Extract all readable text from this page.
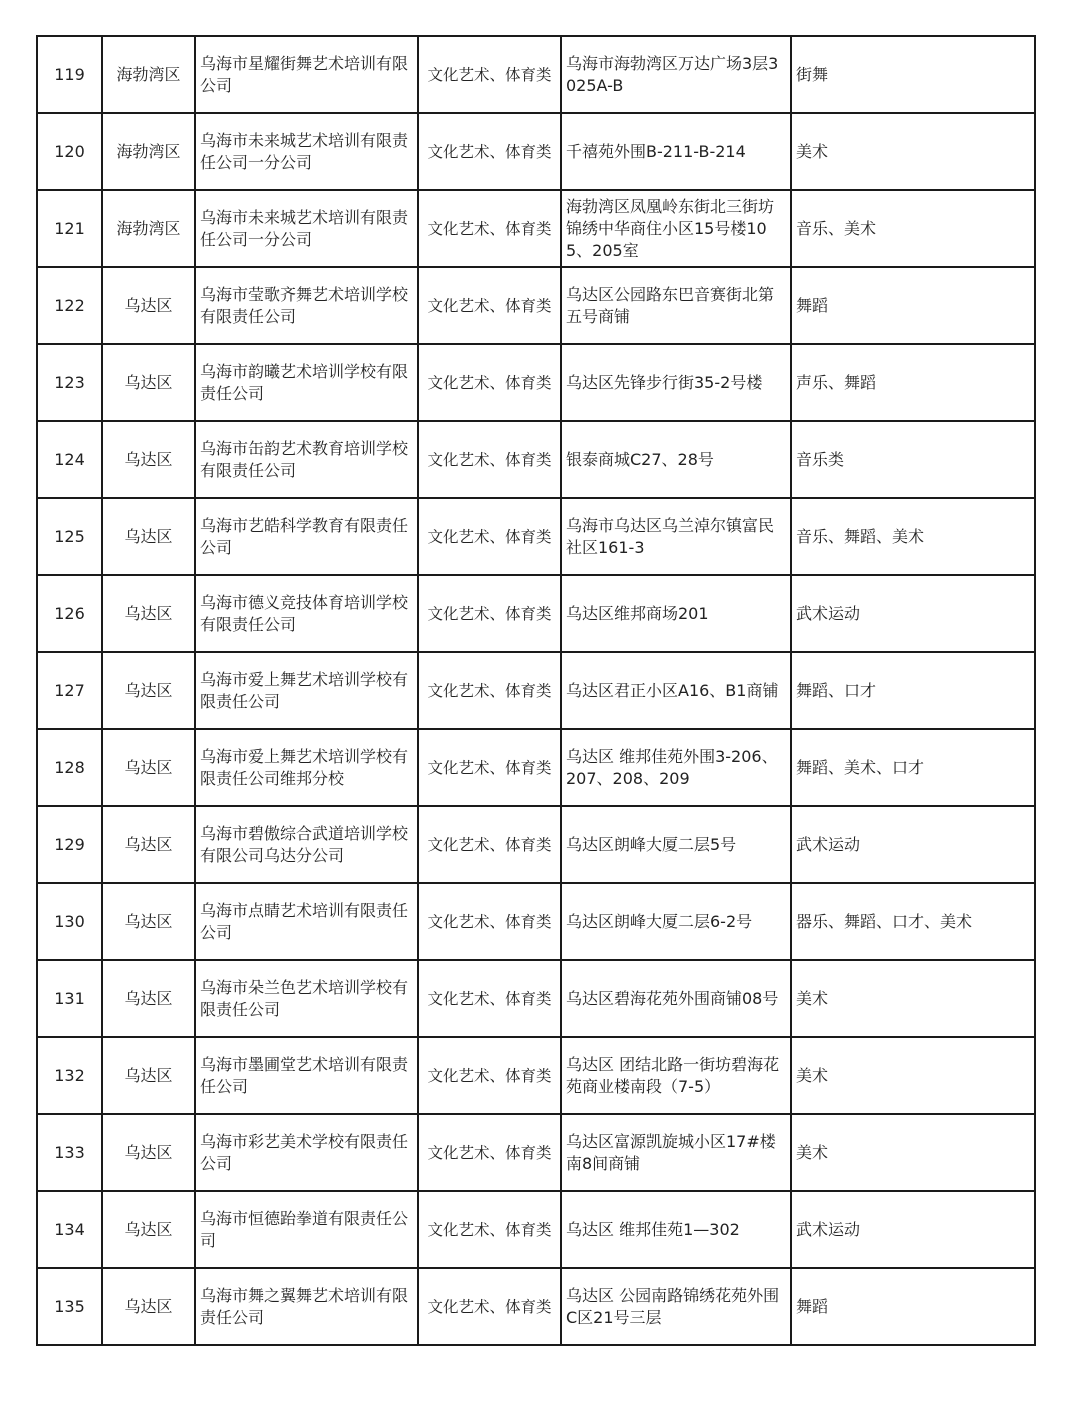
119	海勃湾区	乌海市星耀街舞艺术培训有限公司	文化艺术、体育类	乌海市海勃湾区万达广场3层3025A-B	街舞
120	海勃湾区	乌海市未来城艺术培训有限责任公司一分公司	文化艺术、体育类	千禧苑外围B-211-B-214	美术
121	海勃湾区	乌海市未来城艺术培训有限责任公司一分公司	文化艺术、体育类	海勃湾区凤凰岭东街北三街坊锦绣中华商住小区15号楼105、205室	音乐、美术
122	乌达区	乌海市莹歌齐舞艺术培训学校有限责任公司	文化艺术、体育类	乌达区公园路东巴音赛街北第五号商铺	舞蹈
123	乌达区	乌海市韵曦艺术培训学校有限责任公司	文化艺术、体育类	乌达区先锋步行街35-2号楼	声乐、舞蹈
124	乌达区	乌海市缶韵艺术教育培训学校有限责任公司	文化艺术、体育类	银泰商城C27、28号	音乐类
125	乌达区	乌海市艺皓科学教育有限责任公司	文化艺术、体育类	乌海市乌达区乌兰淖尔镇富民社区161-3	音乐、舞蹈、美术
126	乌达区	乌海市德义竞技体育培训学校有限责任公司	文化艺术、体育类	乌达区维邦商场201	武术运动
127	乌达区	乌海市爱上舞艺术培训学校有限责任公司	文化艺术、体育类	乌达区君正小区A16、B1商铺	舞蹈、口才
128	乌达区	乌海市爱上舞艺术培训学校有限责任公司维邦分校	文化艺术、体育类	乌达区 维邦佳苑外围3-206、207、208、209	舞蹈、美术、口才
129	乌达区	乌海市碧傲综合武道培训学校有限公司乌达分公司	文化艺术、体育类	乌达区朗峰大厦二层5号	武术运动
130	乌达区	乌海市点睛艺术培训有限责任公司	文化艺术、体育类	乌达区朗峰大厦二层6-2号	器乐、舞蹈、口才、美术
131	乌达区	乌海市朵兰色艺术培训学校有限责任公司	文化艺术、体育类	乌达区碧海花苑外围商铺08号	美术
132	乌达区	乌海市墨圃堂艺术培训有限责任公司	文化艺术、体育类	乌达区 团结北路一街坊碧海花苑商业楼南段（7-5）	美术
133	乌达区	乌海市彩艺美术学校有限责任公司	文化艺术、体育类	乌达区富源凯旋城小区17#楼南8间商铺	美术
134	乌达区	乌海市恒德跆拳道有限责任公司	文化艺术、体育类	乌达区 维邦佳苑1—302	武术运动
135	乌达区	乌海市舞之翼舞艺术培训有限责任公司	文化艺术、体育类	乌达区 公园南路锦绣花苑外围C区21号三层	舞蹈
